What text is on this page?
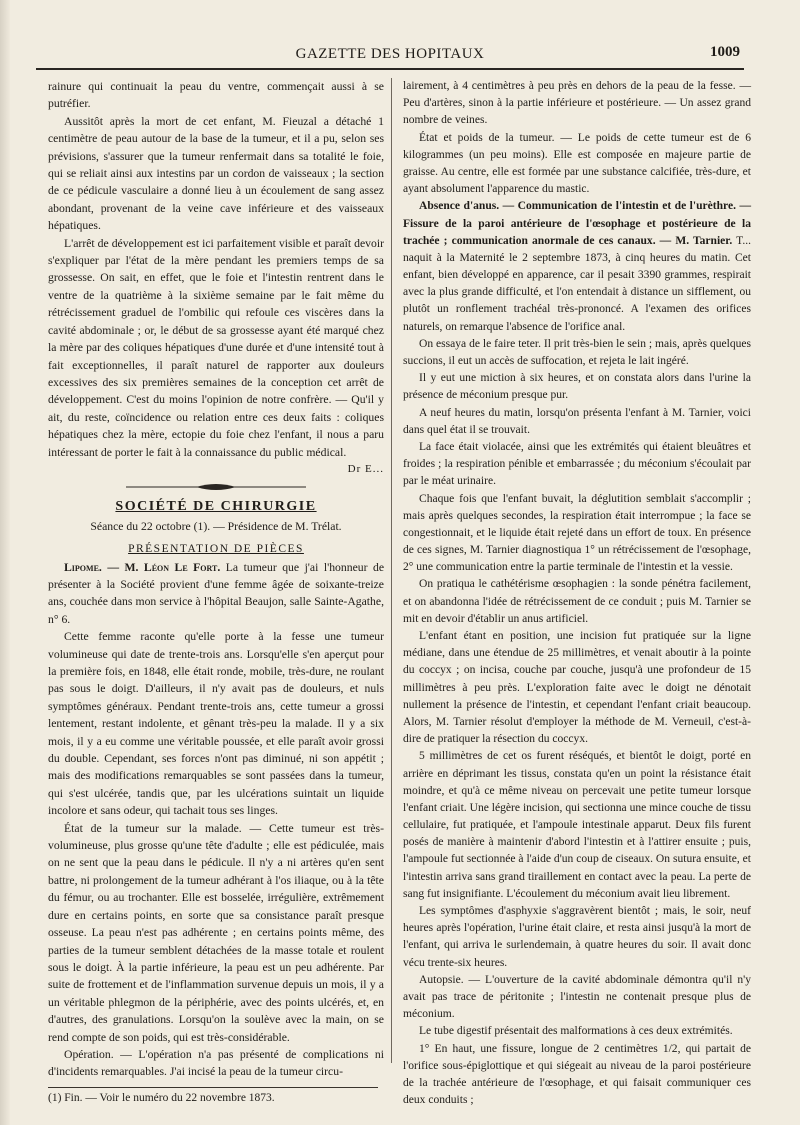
GAZETTE DES HOPITAUX	1009

rainure qui continuait la peau du ventre, commençait aussi à se putréfier.

Aussitôt après la mort de cet enfant, M. Fieuzal a détaché 1 centimètre de peau autour de la base de la tumeur, et il a pu, selon ses prévisions, s'assurer que la tumeur renfermait dans sa totalité le foie, qui se reliait ainsi aux intestins par un cordon de vaisseaux ; la section de ce pédicule vasculaire a donné lieu à un écoulement de sang assez abondant, provenant de la veine cave inférieure et des vaisseaux hépatiques.

L'arrêt de développement est ici parfaitement visible et paraît devoir s'expliquer par l'état de la mère pendant les premiers temps de sa grossesse. On sait, en effet, que le foie et l'intestin rentrent dans le ventre de la quatrième à la sixième semaine par le fait même du rétrécissement graduel de l'ombilic qui refoule ces viscères dans la cavité abdominale ; or, le début de sa grossesse ayant été marqué chez la mère par des coliques hépatiques d'une durée et d'une intensité tout à fait exceptionnelles, il paraît naturel de rapporter aux douleurs excessives des six premières semaines de la conception cet arrêt de développement. C'est du moins l'opinion de notre confrère. — Qu'il y ait, du reste, coïncidence ou relation entre ces deux faits : coliques hépatiques chez la mère, ectopie du foie chez l'enfant, il nous a paru intéressant de porter le fait à la connaissance du public médical.

Dr E...
SOCIÉTÉ DE CHIRURGIE
Séance du 22 octobre (1). — Présidence de M. Trélat.
PRÉSENTATION DE PIÈCES

Lipome. — M. Léon Le Fort. La tumeur que j'ai l'honneur de présenter à la Société provient d'une femme âgée de soixante-treize ans, couchée dans mon service à l'hôpital Beaujon, salle Sainte-Agathe, n° 6.

Cette femme raconte qu'elle porte à la fesse une tumeur volumineuse qui date de trente-trois ans. Lorsqu'elle s'en aperçut pour la première fois, en 1848, elle était ronde, mobile, très-dure, ne roulant pas sous le doigt. D'ailleurs, il n'y avait pas de douleurs, et nuls symptômes généraux. Pendant trente-trois ans, cette tumeur a grossi lentement, restant indolente, et gênant très-peu la malade. Il y a six mois, il y a eu comme une véritable poussée, et elle paraît avoir grossi du double. Cependant, ses forces n'ont pas diminué, ni son appétit ; mais des modifications remarquables se sont passées dans la tumeur, qui s'est ulcérée, tandis que, par les ulcérations suintait un liquide incolore et sans odeur, qui tachait tous ses linges.

État de la tumeur sur la malade. — Cette tumeur est très-volumineuse, plus grosse qu'une tête d'adulte ; elle est pédiculée, mais on ne sent que la peau dans le pédicule. Il n'y a ni artères qu'en sent battre, ni prolongement de la tumeur adhérant à l'os iliaque, ou à la tête du fémur, ou au trochanter. Elle est bosselée, irrégulière, extrêmement dure en certains points, en sorte que sa consistance paraît presque osseuse. La peau n'est pas adhérente ; en certains points même, des parties de la tumeur semblent détachées de la masse totale et roulent sous le doigt. À la partie inférieure, la peau est un peu adhérente. Par suite de frottement et de l'inflammation survenue depuis un mois, il y a un véritable phlegmon de la périphérie, avec des points ulcérés, et, en d'autres, des granulations. Lorsqu'on la soulève avec la main, on se rend compte de son poids, qui est très-considérable.

Opération. — L'opération n'a pas présenté de complications ni d'incidents remarquables. J'ai incisé la peau de la tumeur circu-

(1) Fin. — Voir le numéro du 22 novembre 1873.

lairement, à 4 centimètres à peu près en dehors de la peau de la fesse. — Peu d'artères, sinon à la partie inférieure et postérieure. — Un assez grand nombre de veines.

État et poids de la tumeur. — Le poids de cette tumeur est de 6 kilogrammes (un peu moins). Elle est composée en majeure partie de graisse. Au centre, elle est formée par une substance calcifiée, très-dure, et ayant absolument l'apparence du mastic.

Absence d'anus. — Communication de l'intestin et de l'urèthre. — Fissure de la paroi antérieure de l'œsophage et postérieure de la trachée ; communication anormale de ces canaux. — M. Tarnier. T... naquit à la Maternité le 2 septembre 1873, à cinq heures du matin. Cet enfant, bien développé en apparence, car il pesait 3390 grammes, respirait avec la plus grande difficulté, et l'on entendait à distance un sifflement, ou plutôt un ronflement trachéal très-prononcé. A l'examen des orifices naturels, on remarque l'absence de l'orifice anal.

On essaya de le faire teter. Il prit très-bien le sein ; mais, après quelques succions, il eut un accès de suffocation, et rejeta le lait ingéré.

Il y eut une miction à six heures, et on constata alors dans l'urine la présence de méconium presque pur.

A neuf heures du matin, lorsqu'on présenta l'enfant à M. Tarnier, voici dans quel état il se trouvait.

La face était violacée, ainsi que les extrémités qui étaient bleuâtres et froides ; la respiration pénible et embarrassée ; du méconium s'écoulait par par le méat urinaire.

Chaque fois que l'enfant buvait, la déglutition semblait s'accomplir ; mais après quelques secondes, la respiration était interrompue ; la face se congestionnait, et le liquide était rejeté dans un effort de toux. En présence de ces signes, M. Tarnier diagnostiqua 1° un rétrécissement de l'œsophage, 2° une communication entre la partie terminale de l'intestin et la vessie.

On pratiqua le cathétérisme œsophagien : la sonde pénétra facilement, et on abandonna l'idée de rétrécissement de ce conduit ; puis M. Tarnier se mit en devoir d'établir un anus artificiel.

L'enfant étant en position, une incision fut pratiquée sur la ligne médiane, dans une étendue de 25 millimètres, et venait aboutir à la pointe du coccyx ; on incisa, couche par couche, jusqu'à une profondeur de 15 millimètres à peu près. L'exploration faite avec le doigt ne dénotait nullement la présence de l'intestin, et cependant l'enfant criait beaucoup. Alors, M. Tarnier résolut d'employer la méthode de M. Verneuil, c'est-à-dire de pratiquer la résection du coccyx.

5 millimètres de cet os furent réséqués, et bientôt le doigt, porté en arrière en déprimant les tissus, constata qu'en un point la résistance était moindre, et qu'à ce même niveau on percevait une petite tumeur lorsque l'enfant criait. Une légère incision, qui sectionna une mince couche de tissu cellulaire, fut pratiquée, et l'ampoule intestinale apparut. Deux fils furent posés de manière à maintenir d'abord l'intestin et à l'attirer ensuite ; puis, l'ampoule fut sectionnée à l'aide d'un coup de ciseaux. On sutura ensuite, et l'intestin arriva sans grand tiraillement en contact avec la peau. La perte de sang fut insignifiante. L'écoulement du méconium avait lieu librement.

Les symptômes d'asphyxie s'aggravèrent bientôt ; mais, le soir, neuf heures après l'opération, l'urine était claire, et resta ainsi jusqu'à la mort de l'enfant, qui arriva le surlendemain, à quatre heures du soir. Il avait donc vécu trente-six heures.

Autopsie. — L'ouverture de la cavité abdominale démontra qu'il n'y avait pas trace de péritonite ; l'intestin ne contenait presque plus de méconium.

Le tube digestif présentait des malformations à ces deux extrémités.

1° En haut, une fissure, longue de 2 centimètres 1/2, qui partait de l'orifice sous-épiglottique et qui siégeait au niveau de la paroi postérieure de la trachée antérieure de l'œsophage, et qui faisait communiquer ces deux conduits ;
